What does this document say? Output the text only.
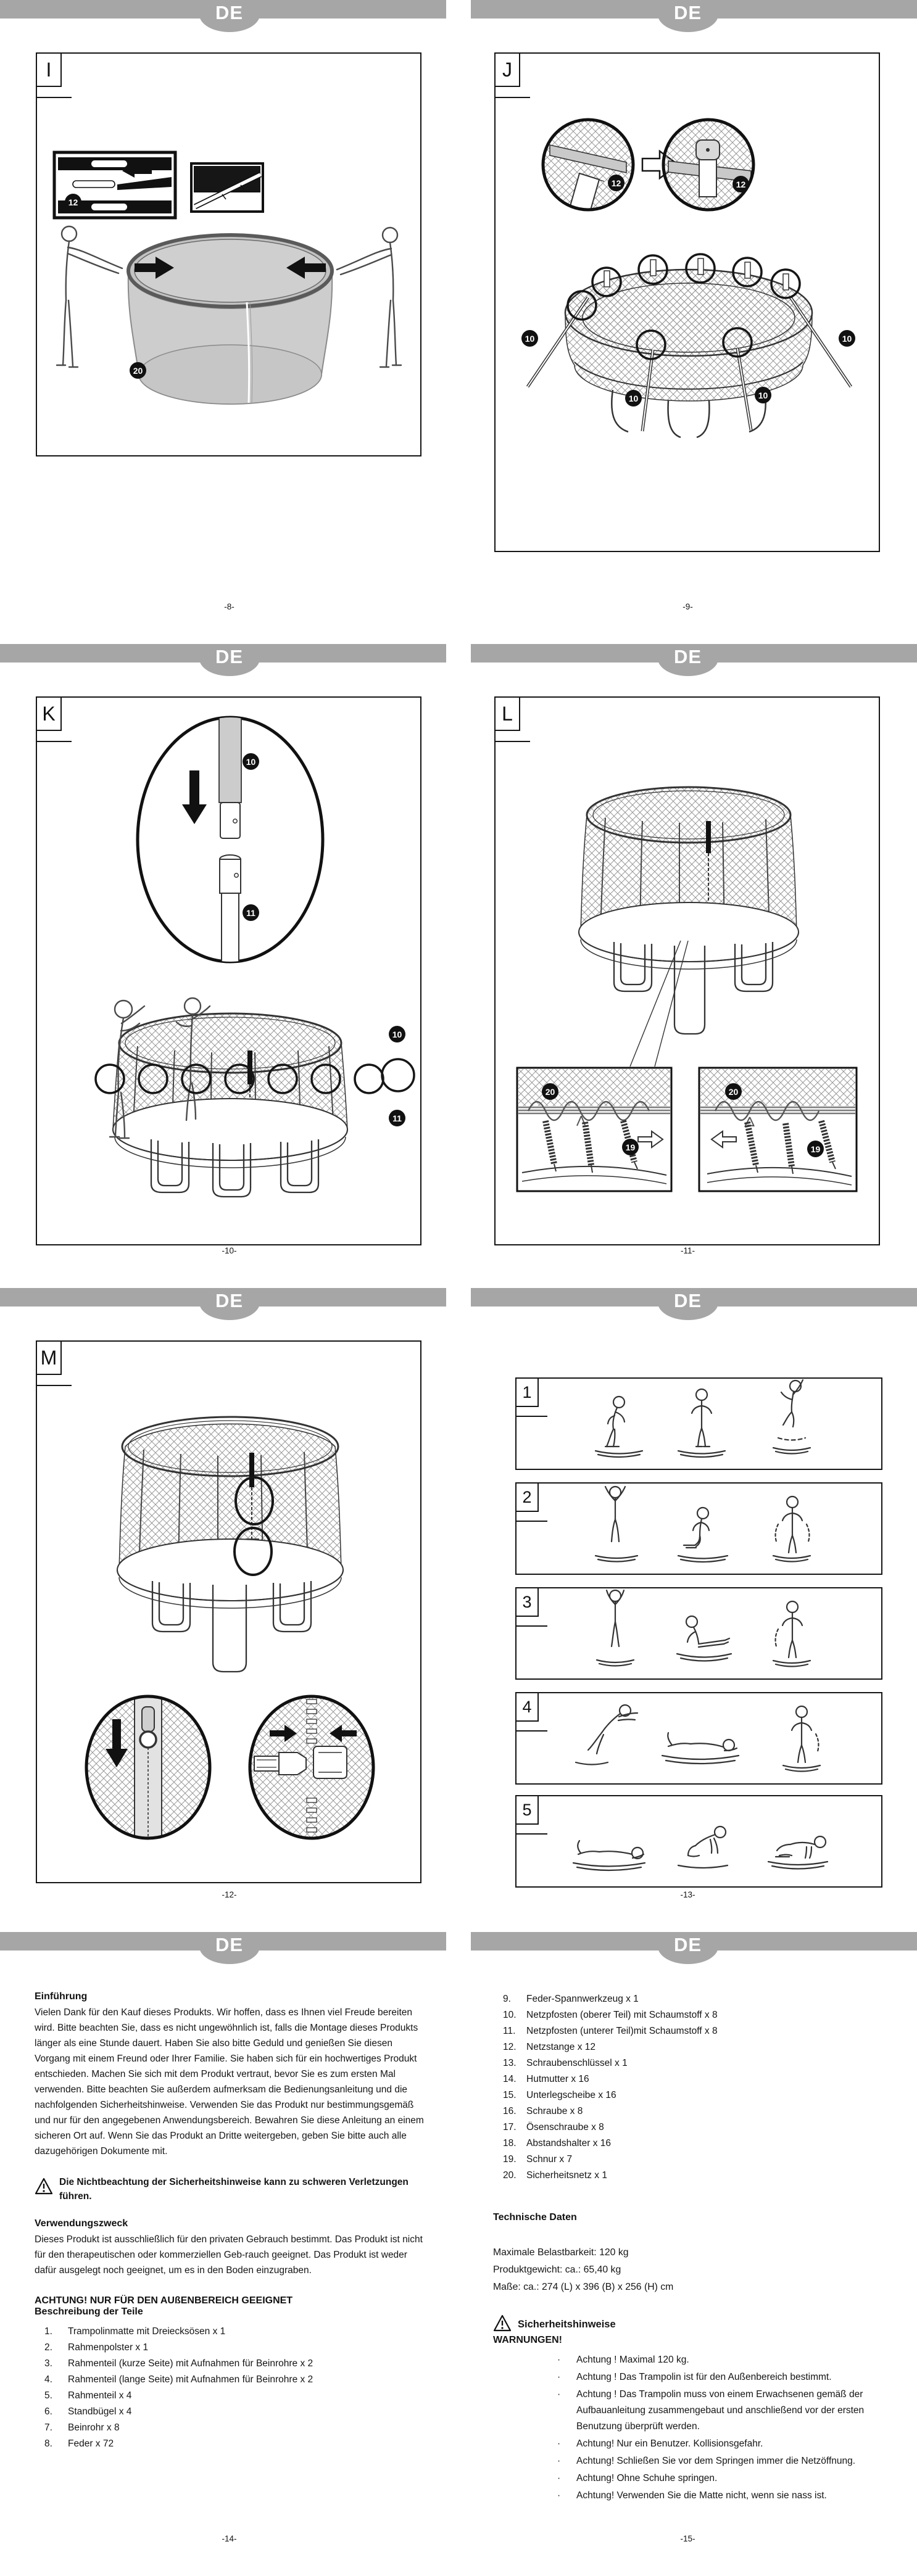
DE
I
12
20
-8-
DE
J
12	12
10	10
10	10
-9-
DE
K
10
11
10
11
-10-
DE
L
20
19
20
19
-11-
DE
M
-12-
DE
1
2
3
4
5
-13-
DE
Einführung

Vielen Dank für den Kauf dieses Produkts. Wir hoffen, dass es Ihnen viel Freude bereiten wird. Bitte beachten Sie, dass es nicht ungewöhnlich ist, falls die Montage dieses Produkts länger als eine Stunde dauert. Haben Sie also bitte Geduld und genießen Sie diesen Vorgang mit einem Freund oder Ihrer Familie. Sie haben sich für ein hochwertiges Produkt entschieden. Machen Sie sich mit dem Produkt vertraut, bevor Sie es zum ersten Mal verwenden. Bitte beachten Sie außerdem aufmerksam die Bedienungsanleitung und die nachfolgenden Sicherheitshinweise. Verwenden Sie das Produkt nur bestimmungsgemäß und nur für den angegebenen Anwendungsbereich. Bewahren Sie diese Anleitung an einem sicheren Ort auf. Wenn Sie das Produkt an Dritte weitergeben, geben Sie bitte auch alle dazugehörigen Dokumente mit.

Die Nichtbeachtung der Sicherheitshinweise kann zu schweren Verletzungen führen.
Verwendungszweck

Dieses Produkt ist ausschließlich für den privaten Gebrauch bestimmt. Das Produkt ist nicht für den therapeutischen oder kommerziellen Geb-rauch geeignet. Das Produkt ist weder dafür ausgelegt noch geeignet, um es in den Boden einzugraben.

ACHTUNG! NUR FÜR DEN AUßENBEREICH GEEIGNET
Beschreibung der Teile
1.	Trampolinmatte mit Dreiecksösen x 1
2.	Rahmenpolster x 1
3.	Rahmenteil (kurze Seite) mit Aufnahmen für Beinrohre x 2
4.	Rahmenteil (lange Seite) mit Aufnahmen für Beinrohre x 2
5.	Rahmenteil x 4
6.	Standbügel x 4
7.	Beinrohr x 8
8.	Feder x 72
-14-
DE
9.	Feder-Spannwerkzeug x 1
10.	Netzpfosten (oberer Teil) mit Schaumstoff x 8
11.	Netzpfosten (unterer Teil)mit Schaumstoff x 8
12.	Netzstange x 12
13.	Schraubenschlüssel x 1
14.	Hutmutter x 16
15.	Unterlegscheibe x 16
16.	Schraube x 8
17.	Ösenschraube x 8
18.	Abstandshalter x 16
19.	Schnur x 7
20.	Sicherheitsnetz x 1
Technische Daten
Maximale Belastbarkeit: 120 kg
Produktgewicht: ca.: 65,40 kg
Maße: ca.: 274 (L) x 396 (B) x 256 (H) cm
Sicherheitshinweise
WARNUNGEN!
·	Achtung ! Maximal 120 kg.
·	Achtung ! Das Trampolin ist für den Außenbereich bestimmt.
·	Achtung ! Das Trampolin muss von einem Erwachsenen gemäß der Aufbauanleitung zusammengebaut und anschließend vor der ersten Benutzung überprüft werden.
·	Achtung! Nur ein Benutzer. Kollisionsgefahr.
·	Achtung! Schließen Sie vor dem Springen immer die Netzöffnung.
·	Achtung! Ohne Schuhe springen.
·	Achtung! Verwenden Sie die Matte nicht, wenn sie nass ist.
-15-
